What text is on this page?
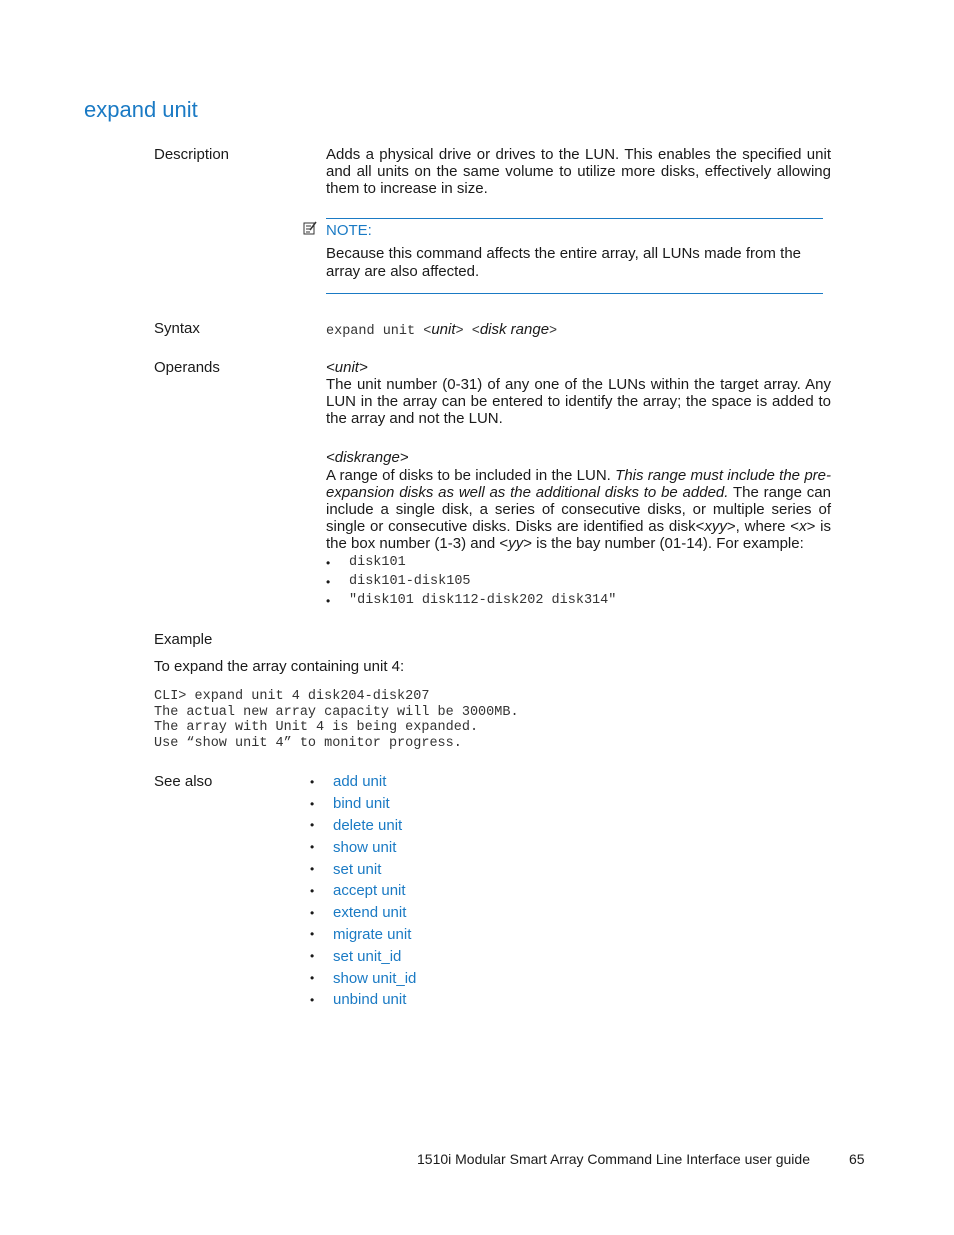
expand unit
Description	Adds a physical drive or drives to the LUN. This enables the specified unit and all units on the same volume to utilize more disks, effectively allowing them to increase in size.
NOTE:
Because this command affects the entire array, all LUNs made from the array are also affected.
Syntax	expand unit <unit> <disk range>
Operands	<unit>
The unit number (0-31) of any one of the LUNs within the target array. Any LUN in the array can be entered to identify the array; the space is added to the array and not the LUN.
<diskrange>
A range of disks to be included in the LUN. This range must include the pre-expansion disks as well as the additional disks to be added. The range can include a single disk, a series of consecutive disks, or multiple series of single or consecutive disks. Disks are identified as disk<xyy>, where <x> is the box number (1-3) and <yy> is the bay number (01-14). For example:
•	disk101
•	disk101-disk105
•	"disk101 disk112-disk202 disk314"
Example
To expand the array containing unit 4:
CLI> expand unit 4 disk204-disk207
The actual new array capacity will be 3000MB.
The array with Unit 4 is being expanded.
Use “show unit 4” to monitor progress.
See also	•	add unit
•	bind unit
•	delete unit
•	show unit
•	set unit
•	accept unit
•	extend unit
•	migrate unit
•	set unit_id
•	show unit_id
•	unbind unit
1510i Modular Smart Array Command Line Interface user guide	65
